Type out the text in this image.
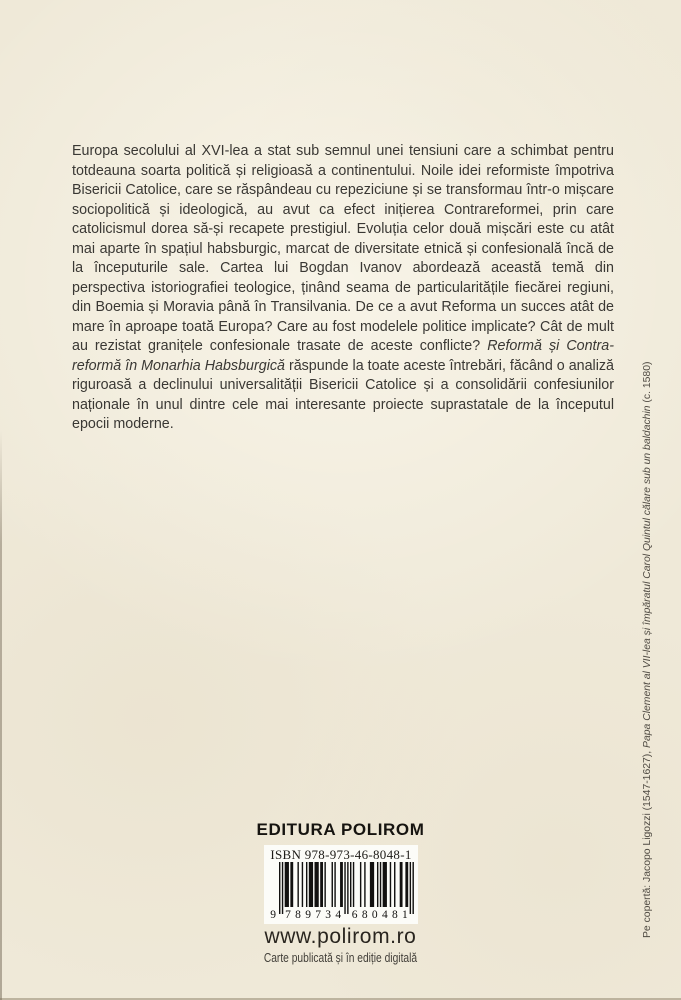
Europa secolului al XVI-lea a stat sub semnul unei tensiuni care a schimbat pentru totdeauna soarta politică și religioasă a continentului. Noile idei reformiste împotriva Bisericii Catolice, care se răspândeau cu repeziciune și se transformau într-o mișcare sociopolitică și ideologică, au avut ca efect inițierea Contrareformei, prin care catolicismul dorea să-și recapete prestigiul. Evoluția celor două mișcări este cu atât mai aparte în spațiul habsburgic, marcat de diversitate etnică și confesională încă de la începuturile sale. Cartea lui Bogdan Ivanov abordează această temă din perspectiva istoriografiei teologice, ținând seama de particularitățile fiecărei regiuni, din Boemia și Moravia până în Transilvania. De ce a avut Reforma un succes atât de mare în aproape toată Europa? Care au fost modelele politice implicate? Cât de mult au rezistat granițele confesionale trasate de aceste conflicte? Reformă și Contrareformă în Monarhia Habsburgică răspunde la toate aceste întrebări, făcând o analiză riguroasă a declinului universalității Bisericii Catolice și a consolidării confesiunilor naționale în unul dintre cele mai interesante proiecte suprastatale de la începutul epocii moderne.

Pe copertă: Jacopo Ligozzi (1547-1627), Papa Clement al VII-lea și împăratul Carol Quintul călare sub un baldachin (c. 1580)
EDITURA POLIROM
ISBN 978-973-46-8048-1
9 789734 680481
www.polirom.ro
Carte publicată și în ediție digitală
